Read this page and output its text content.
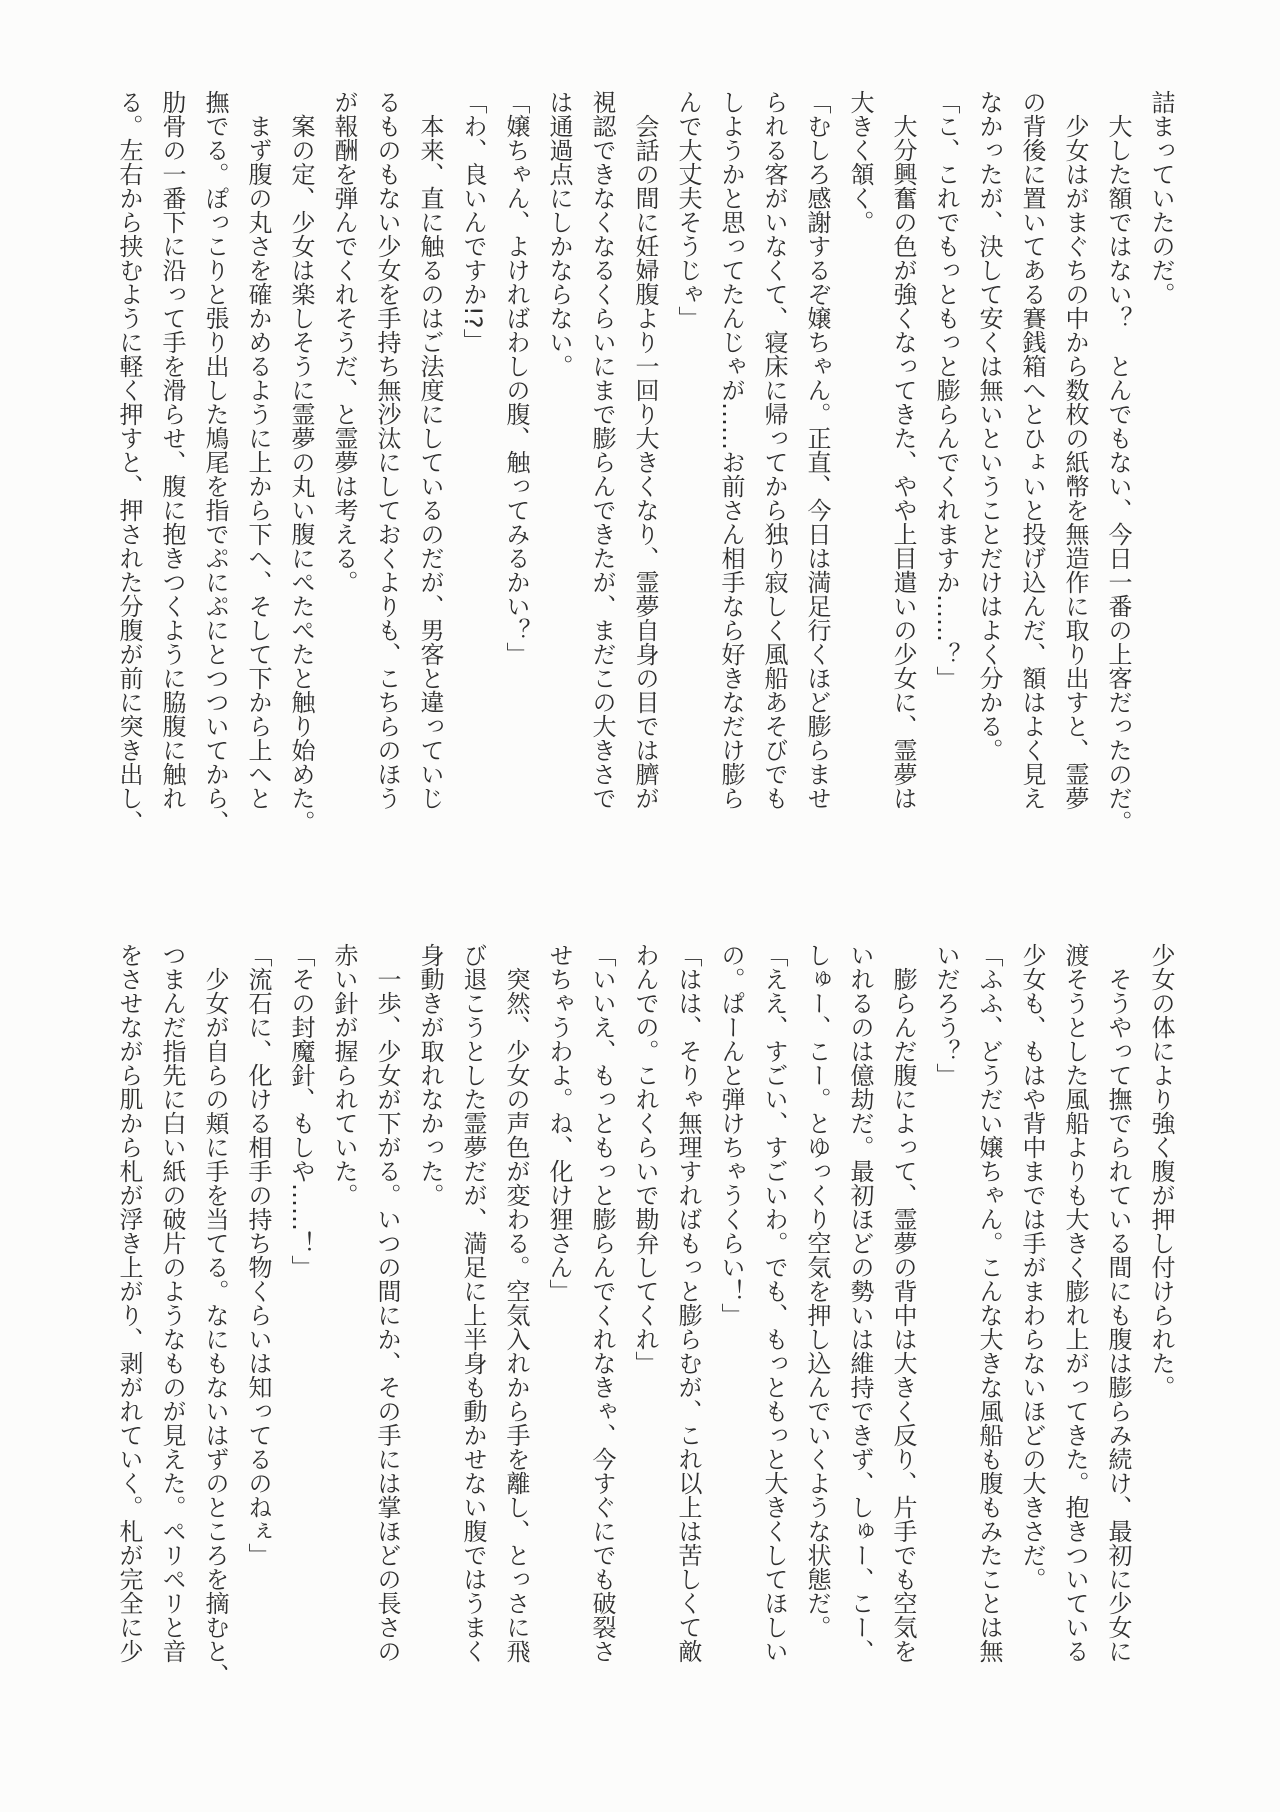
詰まっていたのだ。
　大した額ではない？　とんでもない、今日一番の上客だったのだ。
　少女はがまぐちの中から数枚の紙幣を無造作に取り出すと、霊夢
の背後に置いてある賽銭箱へとひょいと投げ込んだ、額はよく見え
なかったが、決して安くは無いということだけはよく分かる。
「こ、これでもっともっと膨らんでくれますか……？」
　大分興奮の色が強くなってきた、やや上目遣いの少女に、霊夢は
大きく頷く。
「むしろ感謝するぞ嬢ちゃん。正直、今日は満足行くほど膨らませ
られる客がいなくて、寝床に帰ってから独り寂しく風船あそびでも
しようかと思ってたんじゃが……お前さん相手なら好きなだけ膨ら
んで大丈夫そうじゃ」
　会話の間に妊婦腹より一回り大きくなり、霊夢自身の目では臍が
視認できなくなるくらいにまで膨らんできたが、まだこの大きさで
は通過点にしかならない。
「嬢ちゃん、よければわしの腹、触ってみるかい？」
「わ、良いんですか!?」
　本来、直に触るのはご法度にしているのだが、男客と違っていじ
るものもない少女を手持ち無沙汰にしておくよりも、こちらのほう
が報酬を弾んでくれそうだ、と霊夢は考える。
　案の定、少女は楽しそうに霊夢の丸い腹にぺたぺたと触り始めた。
　まず腹の丸さを確かめるように上から下へ、そして下から上へと
撫でる。ぽっこりと張り出した鳩尾を指でぷにぷにとつついてから、
肋骨の一番下に沿って手を滑らせ、腹に抱きつくように脇腹に触れ
る。左右から挟むように軽く押すと、押された分腹が前に突き出し、
少女の体により強く腹が押し付けられた。
　そうやって撫でられている間にも腹は膨らみ続け、最初に少女に
渡そうとした風船よりも大きく膨れ上がってきた。抱きついている
少女も、もはや背中までは手がまわらないほどの大きさだ。
「ふふ、どうだい嬢ちゃん。こんな大きな風船も腹もみたことは無
いだろう？」
　膨らんだ腹によって、霊夢の背中は大きく反り、片手でも空気を
いれるのは億劫だ。最初ほどの勢いは維持できず、しゅー、こー、
しゅー、こー。とゆっくり空気を押し込んでいくような状態だ。
「ええ、すごい、すごいわ。でも、もっともっと大きくしてほしい
の。ぱーんと弾けちゃうくらい！」
「はは、そりゃ無理すればもっと膨らむが、これ以上は苦しくて敵
わんでの。これくらいで勘弁してくれ」
「いいえ、もっともっと膨らんでくれなきゃ、今すぐにでも破裂さ
せちゃうわよ。ね、化け狸さん」
　突然、少女の声色が変わる。空気入れから手を離し、とっさに飛
び退こうとした霊夢だが、満足に上半身も動かせない腹ではうまく
身動きが取れなかった。
　一歩、少女が下がる。いつの間にか、その手には掌ほどの長さの
赤い針が握られていた。
「その封魔針、もしや……！」
「流石に、化ける相手の持ち物くらいは知ってるのねぇ」
　少女が自らの頬に手を当てる。なにもないはずのところを摘むと、
つまんだ指先に白い紙の破片のようなものが見えた。ペリペリと音
をさせながら肌から札が浮き上がり、剥がれていく。札が完全に少
